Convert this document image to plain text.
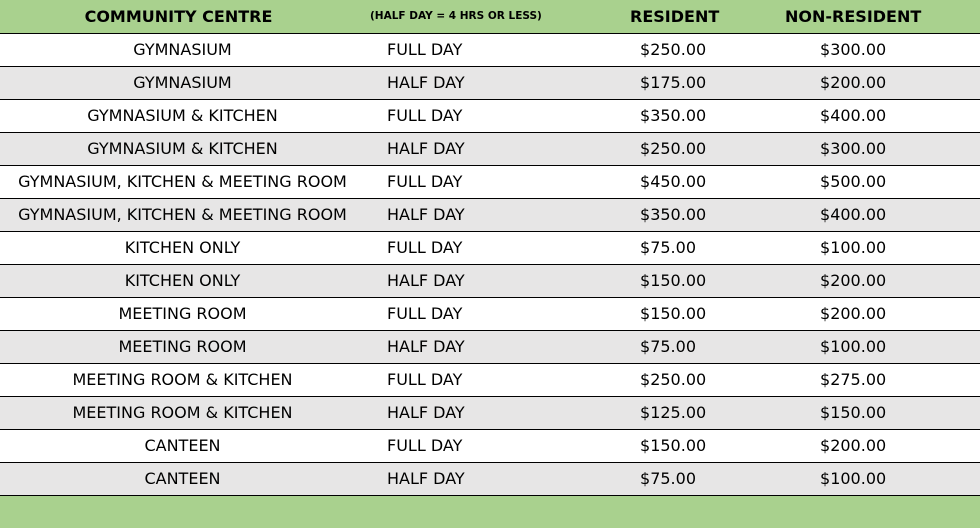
COMMUNITY CENTRE	(HALF DAY = 4 HRS OR LESS)	RESIDENT	NON-RESIDENT
GYMNASIUM	FULL DAY	$250.00	$300.00
GYMNASIUM	HALF DAY	$175.00	$200.00
GYMNASIUM & KITCHEN	FULL DAY	$350.00	$400.00
GYMNASIUM & KITCHEN	HALF DAY	$250.00	$300.00
GYMNASIUM, KITCHEN & MEETING ROOM	FULL DAY	$450.00	$500.00
GYMNASIUM, KITCHEN & MEETING ROOM	HALF DAY	$350.00	$400.00
KITCHEN ONLY	FULL DAY	$75.00	$100.00
KITCHEN ONLY	HALF DAY	$150.00	$200.00
MEETING ROOM	FULL DAY	$150.00	$200.00
MEETING ROOM	HALF DAY	$75.00	$100.00
MEETING ROOM & KITCHEN	FULL DAY	$250.00	$275.00
MEETING ROOM & KITCHEN	HALF DAY	$125.00	$150.00
CANTEEN	FULL DAY	$150.00	$200.00
CANTEEN	HALF DAY	$75.00	$100.00
